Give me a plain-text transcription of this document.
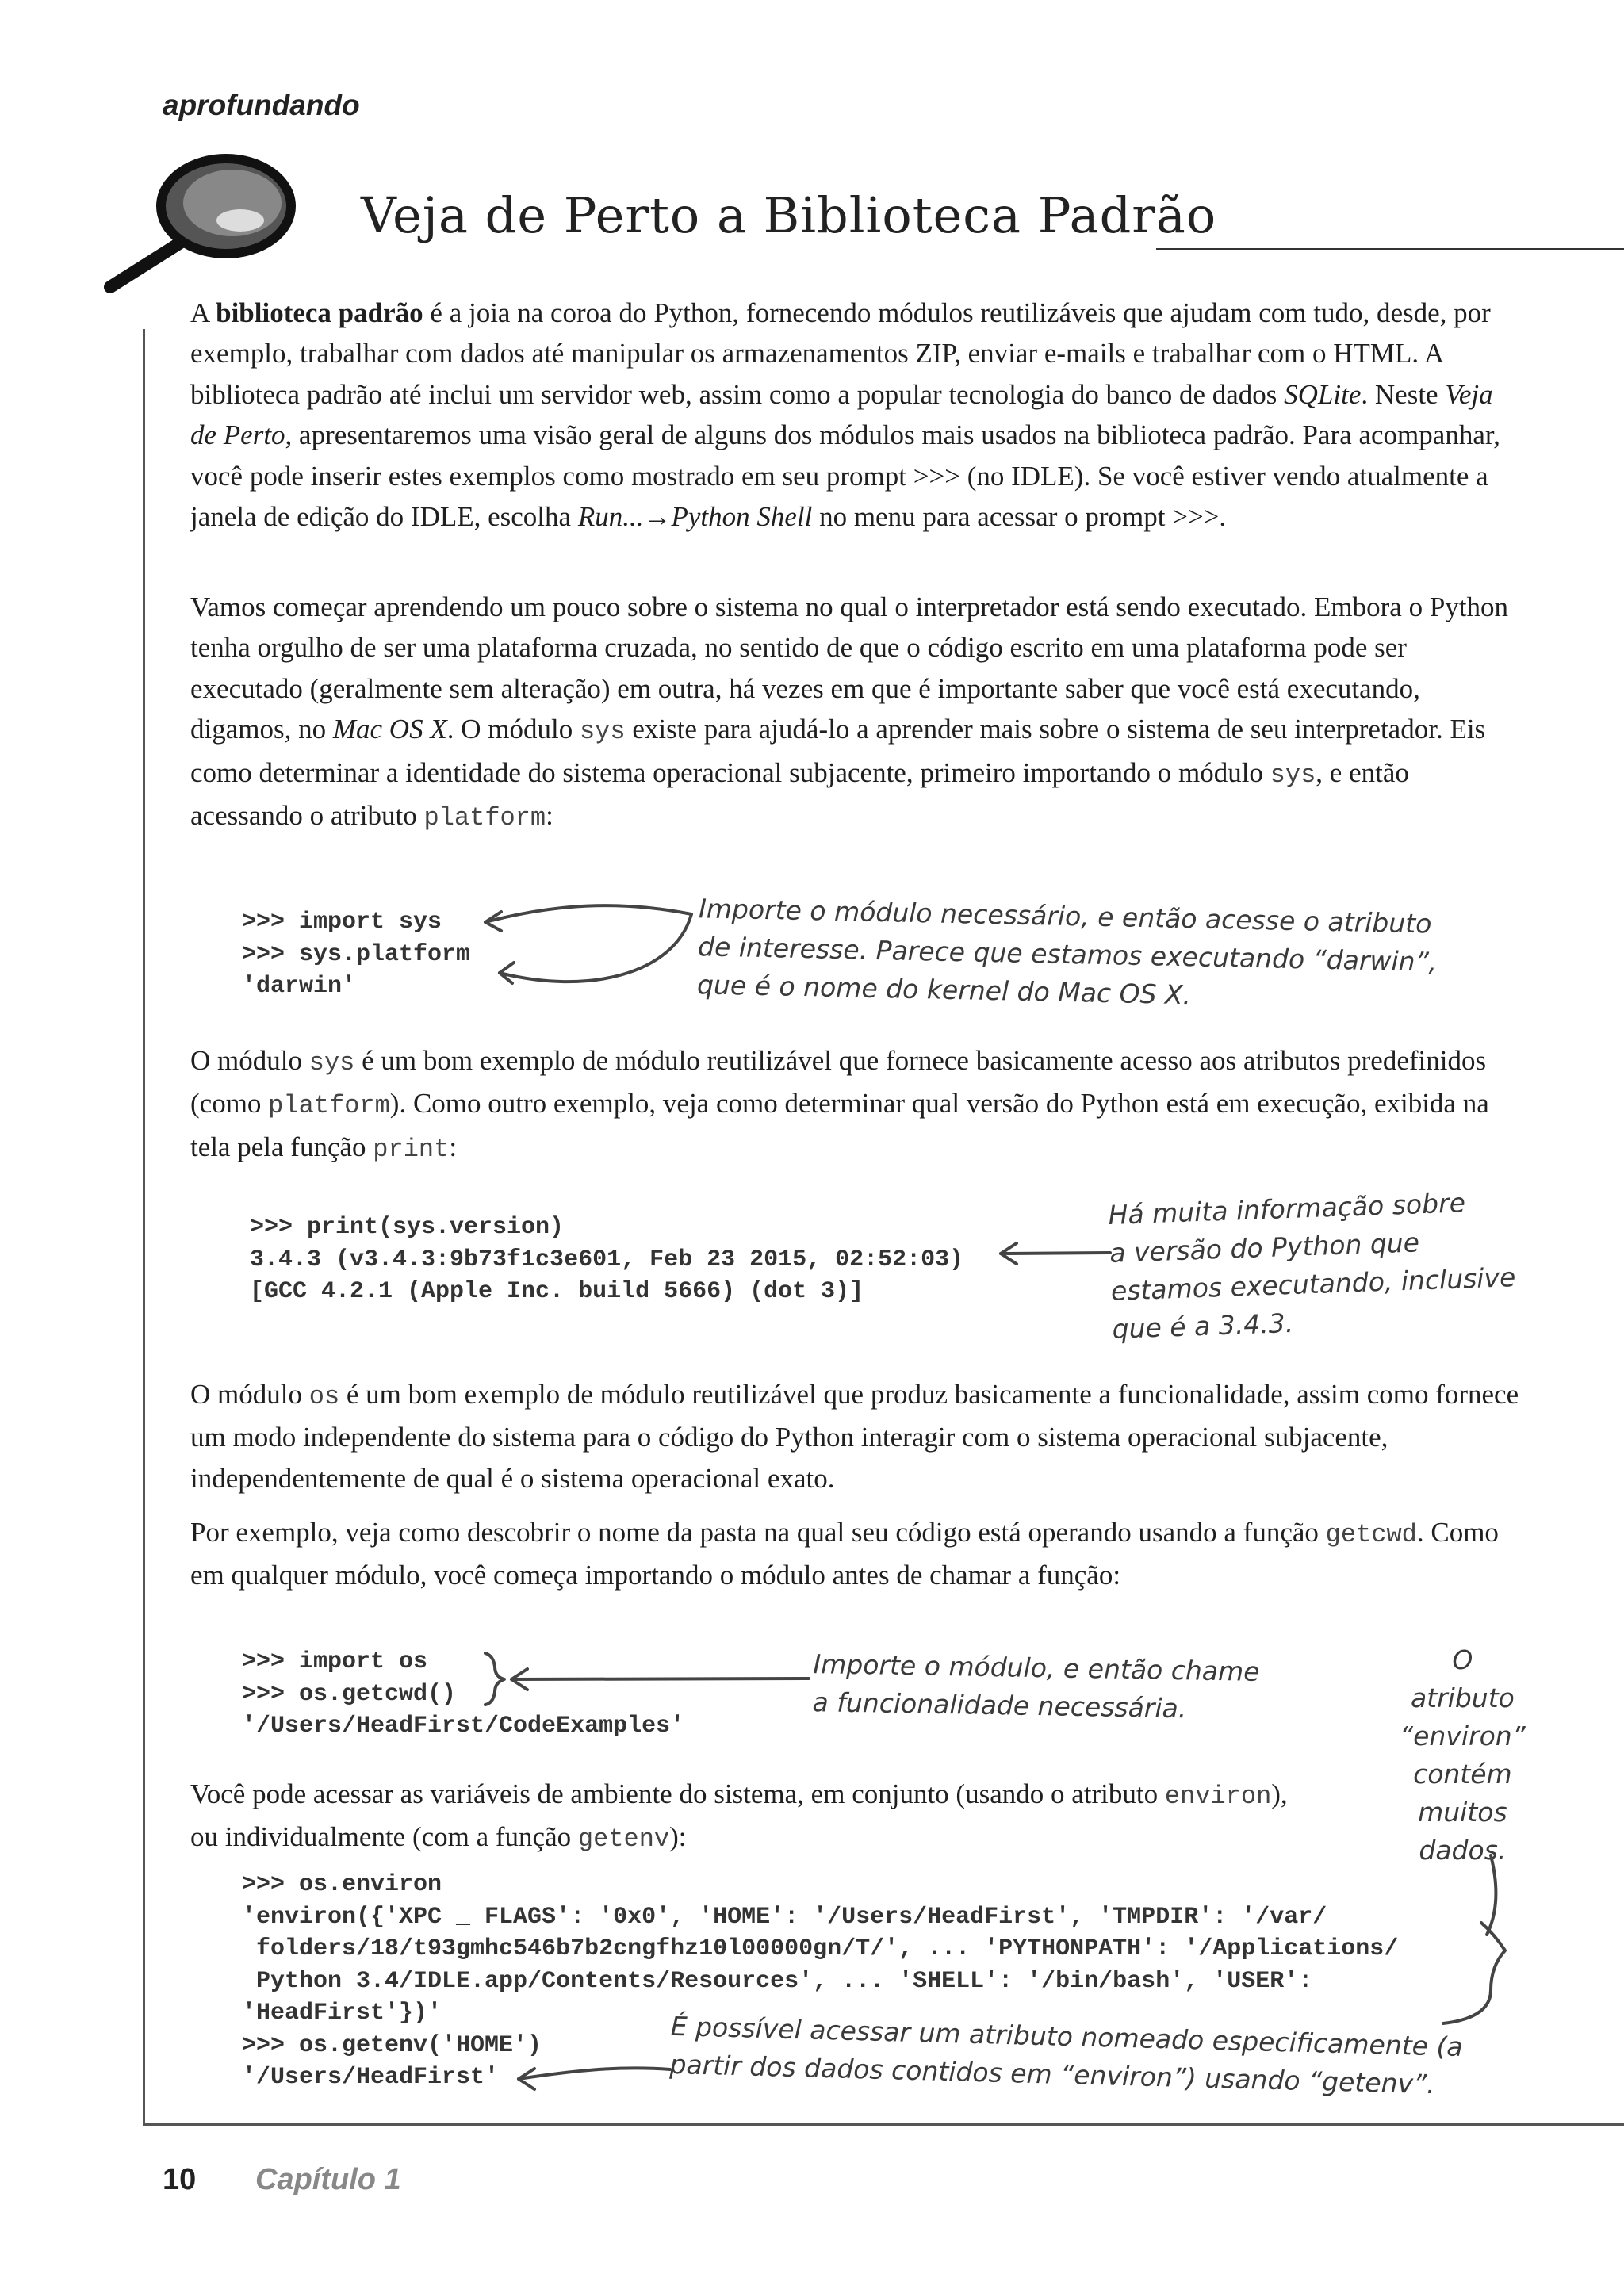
aprofundando
Veja de Perto a Biblioteca Padrão

A biblioteca padrão é a joia na coroa do Python, fornecendo módulos reutilizáveis que ajudam com tudo, desde, por exemplo, trabalhar com dados até manipular os armazenamentos ZIP, enviar e-mails e trabalhar com o HTML. A biblioteca padrão até inclui um servidor web, assim como a popular tecnologia do banco de dados SQLite. Neste Veja de Perto, apresentaremos uma visão geral de alguns dos módulos mais usados na biblioteca padrão. Para acompanhar, você pode inserir estes exemplos como mostrado em seu prompt >>> (no IDLE). Se você estiver vendo atualmente a janela de edição do IDLE, escolha Run...→Python Shell no menu para acessar o prompt >>>.

Vamos começar aprendendo um pouco sobre o sistema no qual o interpretador está sendo executado. Embora o Python tenha orgulho de ser uma plataforma cruzada, no sentido de que o código escrito em uma plataforma pode ser executado (geralmente sem alteração) em outra, há vezes em que é importante saber que você está executando, digamos, no Mac OS X. O módulo sys existe para ajudá-lo a aprender mais sobre o sistema de seu interpretador. Eis como determinar a identidade do sistema operacional subjacente, primeiro importando o módulo sys, e então acessando o atributo platform:

>>> import sys
>>> sys.platform
'darwin'
Importe o módulo necessário, e então acesse o atributo
de interesse. Parece que estamos executando “darwin”,
que é o nome do kernel do Mac OS X.

O módulo sys é um bom exemplo de módulo reutilizável que fornece basicamente acesso aos atributos predefinidos (como platform). Como outro exemplo, veja como determinar qual versão do Python está em execução, exibida na tela pela função print:

>>> print(sys.version)
3.4.3 (v3.4.3:9b73f1c3e601, Feb 23 2015, 02:52:03)
[GCC 4.2.1 (Apple Inc. build 5666) (dot 3)]
Há muita informação sobre
a versão do Python que
estamos executando, inclusive
que é a 3.4.3.

O módulo os é um bom exemplo de módulo reutilizável que produz basicamente a funcionalidade, assim como fornece um modo independente do sistema para o código do Python interagir com o sistema operacional subjacente, independentemente de qual é o sistema operacional exato.

Por exemplo, veja como descobrir o nome da pasta na qual seu código está operando usando a função getcwd. Como em qualquer módulo, você começa importando o módulo antes de chamar a função:

>>> import os
>>> os.getcwd()
'/Users/HeadFirst/CodeExamples'
Importe o módulo, e então chame
a funcionalidade necessária.
O
atributo
“environ”
contém
muitos
dados.

Você pode acessar as variáveis de ambiente do sistema, em conjunto (usando o atributo environ), ou individualmente (com a função getenv):

>>> os.environ
'environ({'XPC _ FLAGS': '0x0', 'HOME': '/Users/HeadFirst', 'TMPDIR': '/var/
folders/18/t93gmhc546b7b2cngfhz10l00000gn/T/', ... 'PYTHONPATH': '/Applications/
Python 3.4/IDLE.app/Contents/Resources', ... 'SHELL': '/bin/bash', 'USER':
'HeadFirst'})'
>>> os.getenv('HOME')
'/Users/HeadFirst'
É possível acessar um atributo nomeado especificamente (a
partir dos dados contidos em “environ”) usando “getenv”.
10 Capítulo 1
